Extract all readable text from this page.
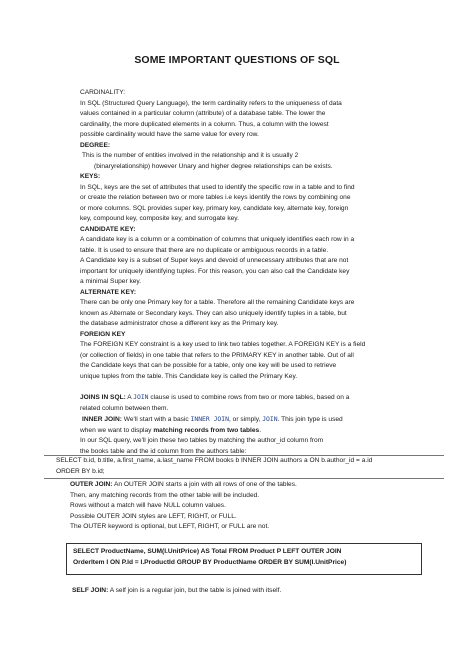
SOME IMPORTANT QUESTIONS OF SQL

CARDINALITY:

In SQL (Structured Query Language), the term cardinality refers to the uniqueness of data

values contained in a particular column (attribute) of a database table. The lower the

cardinality, the more duplicated elements in a column. Thus, a column with the lowest

possible cardinality would have the same value for every row.

DEGREE:

This is the number of entities involved in the relationship and it is usually 2

(binaryrelationship) however Unary and higher degree relationships can be exists.

KEYS:

In SQL, keys are the set of attributes that used to identify the specific row in a table and to find

or create the relation between two or more tables i.e keys identify the rows by combining one

or more columns. SQL provides super key, primary key, candidate key, alternate key, foreign

key, compound key, composite key, and surrogate key.

CANDIDATE KEY:

A candidate key is a column or a combination of columns that uniquely identifies each row in a

table. It is used to ensure that there are no duplicate or ambiguous records in a table.

A Candidate key is a subset of Super keys and devoid of unnecessary attributes that are not

important for uniquely identifying tuples. For this reason, you can also call the Candidate key

a minimal Super key.

ALTERNATE KEY:

There can be only one Primary key for a table. Therefore all the remaining Candidate keys are

known as Alternate or Secondary keys. They can also uniquely identify tuples in a table, but

the database administrator chose a different key as the Primary key.

FOREIGN KEY

The FOREIGN KEY constraint is a key used to link two tables together. A FOREIGN KEY is a field

(or collection of fields) in one table that refers to the PRIMARY KEY in another table. Out of all

the Candidate keys that can be possible for a table, only one key will be used to retrieve

unique tuples from the table. This Candidate key is called the Primary Key.

JOINS IN SQL: A JOIN clause is used to combine rows from two or more tables, based on a

related column between them.

INNER JOIN: We'll start with a basic INNER JOIN, or simply, JOIN. This join type is used

when we want to display matching records from two tables.

In our SQL query, we'll join these two tables by matching the author_id column from

the books table and the id column from the authors table:

SELECT b.id, b.title, a.first_name, a.last_name FROM books b INNER JOIN authors a ON b.author_id = a.id

ORDER BY b.id;

OUTER JOIN: An OUTER JOIN starts a join with all rows of one of the tables.

Then, any matching records from the other table will be included.

Rows without a match will have NULL column values.

Possible OUTER JOIN styles are LEFT, RIGHT, or FULL.

The OUTER keyword is optional, but LEFT, RIGHT, or FULL are not.

SELECT ProductName, SUM(I.UnitPrice) AS Total FROM Product P LEFT OUTER JOIN

OrderItem I ON P.Id = I.ProductId GROUP BY ProductName ORDER BY SUM(I.UnitPrice)

SELF JOIN: A self join is a regular join, but the table is joined with itself.
